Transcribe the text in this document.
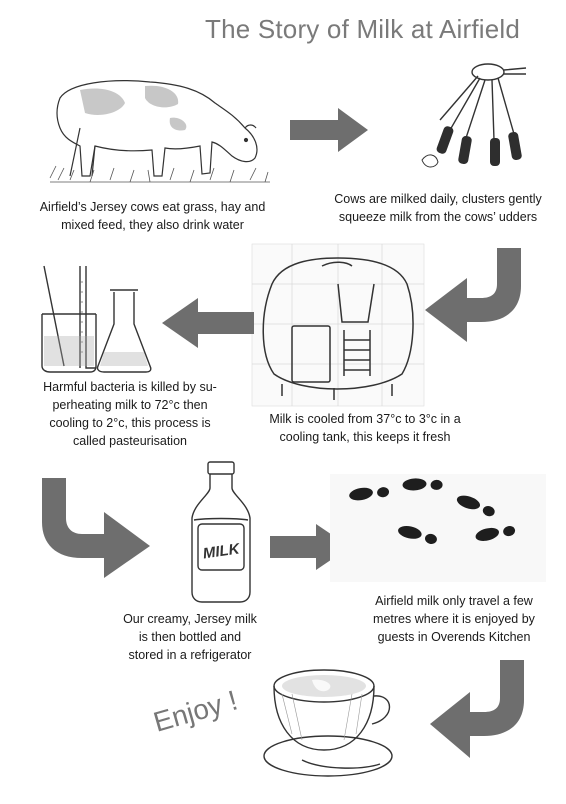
The Story of Milk at Airfield
Airfield’s Jersey cows eat grass, hay and
mixed feed, they also drink water
Cows are milked daily, clusters gently
squeeze milk from the cows’ udders
Milk is cooled from 37°c to 3°c in a
cooling tank, this keeps it fresh
Harmful bacteria is killed by su-
perheating milk to 72°c then
cooling to 2°c, this process is
called pasteurisation
MILK
Our creamy, Jersey milk
is then bottled and
stored in a refrigerator
Airfield milk only travel a few
metres where it is enjoyed by
guests in Overends Kitchen
Enjoy !
